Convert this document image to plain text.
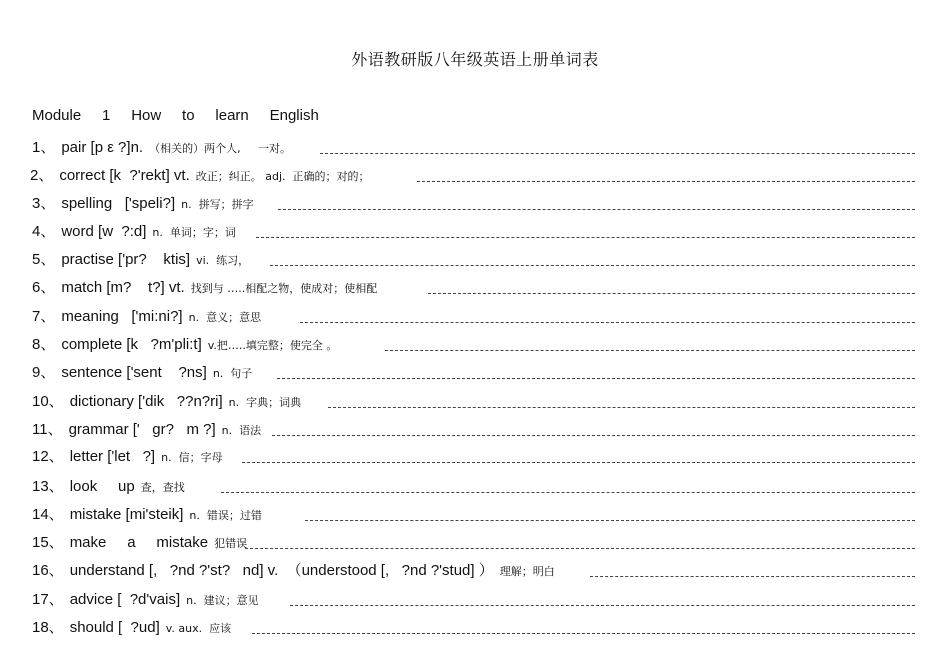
外语教研版八年级英语上册单词表
Module     1     How     to     learn     English
1、 pair [p ε ?]n. （相关的）两个人,     一对。
2、 correct [k  ?'rekt] vt. 改正；纠正。 adj.  正确的；对的；
3、 spelling ['speli?] n.  拼写；拼字
4、 word [w  ?:d] n.  单词；字；词
5、 practise ['pr?    ktis] vi.  练习，
6、 match [m?    t?] vt. 找到与 …..相配之物，使成对；使相配
7、 meaning ['mi:ni?] n.  意义；意思
8、 complete [k   ?m'pli:t] v.把…..填完整；使完全 。
9、 sentence ['sent    ?ns] n.  句子
10、 dictionary ['dik   ??n?ri] n.  字典；词典
11、 grammar ['   gr?   m ?] n.  语法
12、 letter ['let   ?] n.  信；字母
13、 look     up 查，查找
14、 mistake [mi'steik] n.  错误；过错
15、 make     a     mistake 犯错误
16、 understand [,   ?nd ?'st?   nd] v.  （understood [,   ?nd ?'stud] ） 理解；明白
17、 advice [  ?d'vais] n.  建议；意见
18、 should [  ?ud] v. aux.  应该
